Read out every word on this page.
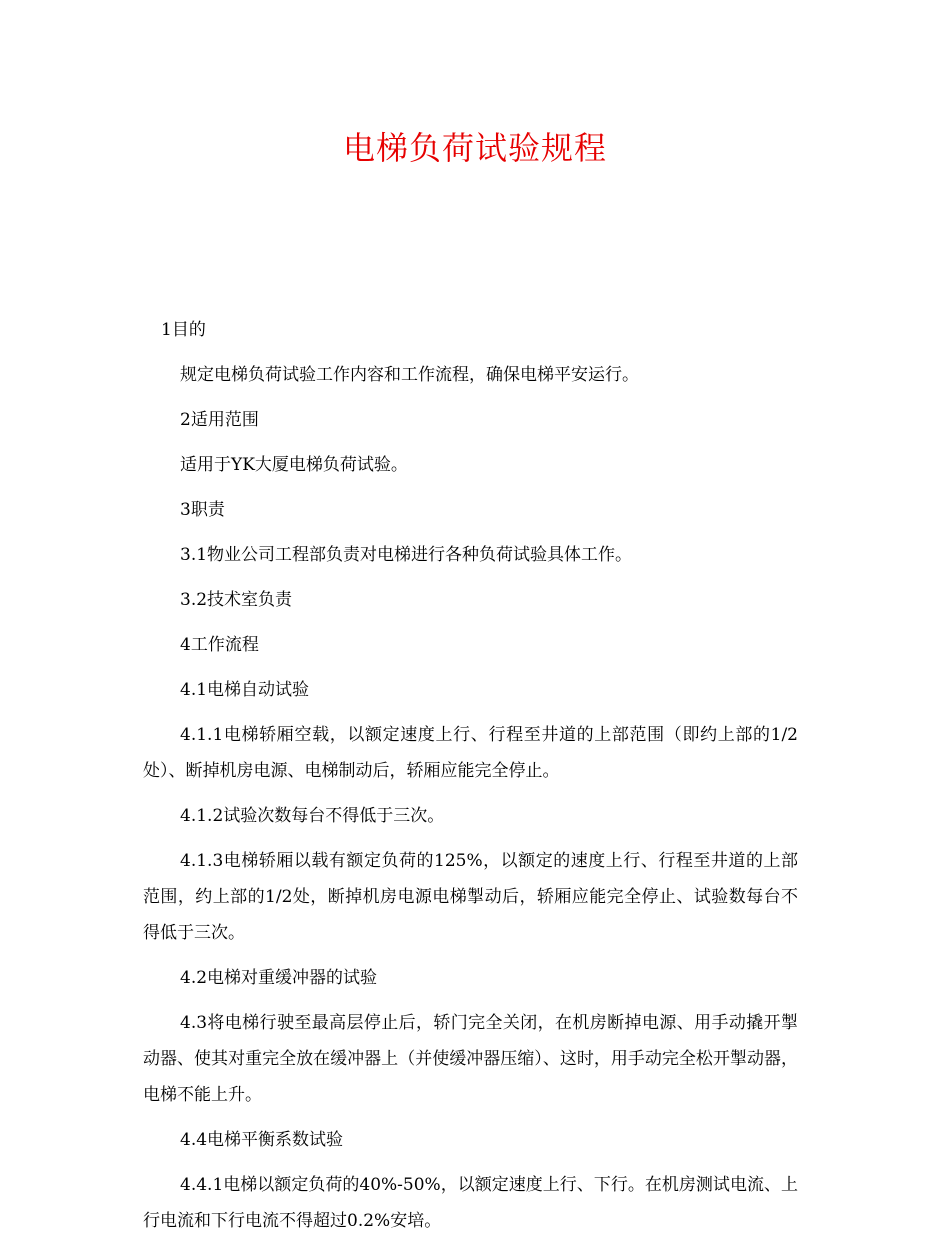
电梯负荷试验规程

1目的

规定电梯负荷试验工作内容和工作流程，确保电梯平安运行。

2适用范围

适用于YK大厦电梯负荷试验。

3职责

3.1物业公司工程部负责对电梯进行各种负荷试验具体工作。

3.2技术室负责

4工作流程

4.1电梯自动试验

4.1.1电梯轿厢空载，以额定速度上行、行程至井道的上部范围（即约上部的1/2处）、断掉机房电源、电梯制动后，轿厢应能完全停止。

4.1.2试验次数每台不得低于三次。

4.1.3电梯轿厢以载有额定负荷的125%，以额定的速度上行、行程至井道的上部范围，约上部的1/2处，断掉机房电源电梯掣动后，轿厢应能完全停止、试验数每台不得低于三次。

4.2电梯对重缓冲器的试验

4.3将电梯行驶至最高层停止后，轿门完全关闭，在机房断掉电源、用手动撬开掣动器、使其对重完全放在缓冲器上（并使缓冲器压缩）、这时，用手动完全松开掣动器，电梯不能上升。

4.4电梯平衡系数试验

4.4.1电梯以额定负荷的40%-50%，以额定速度上行、下行。在机房测试电流、上行电流和下行电流不得超过0.2%安培。
